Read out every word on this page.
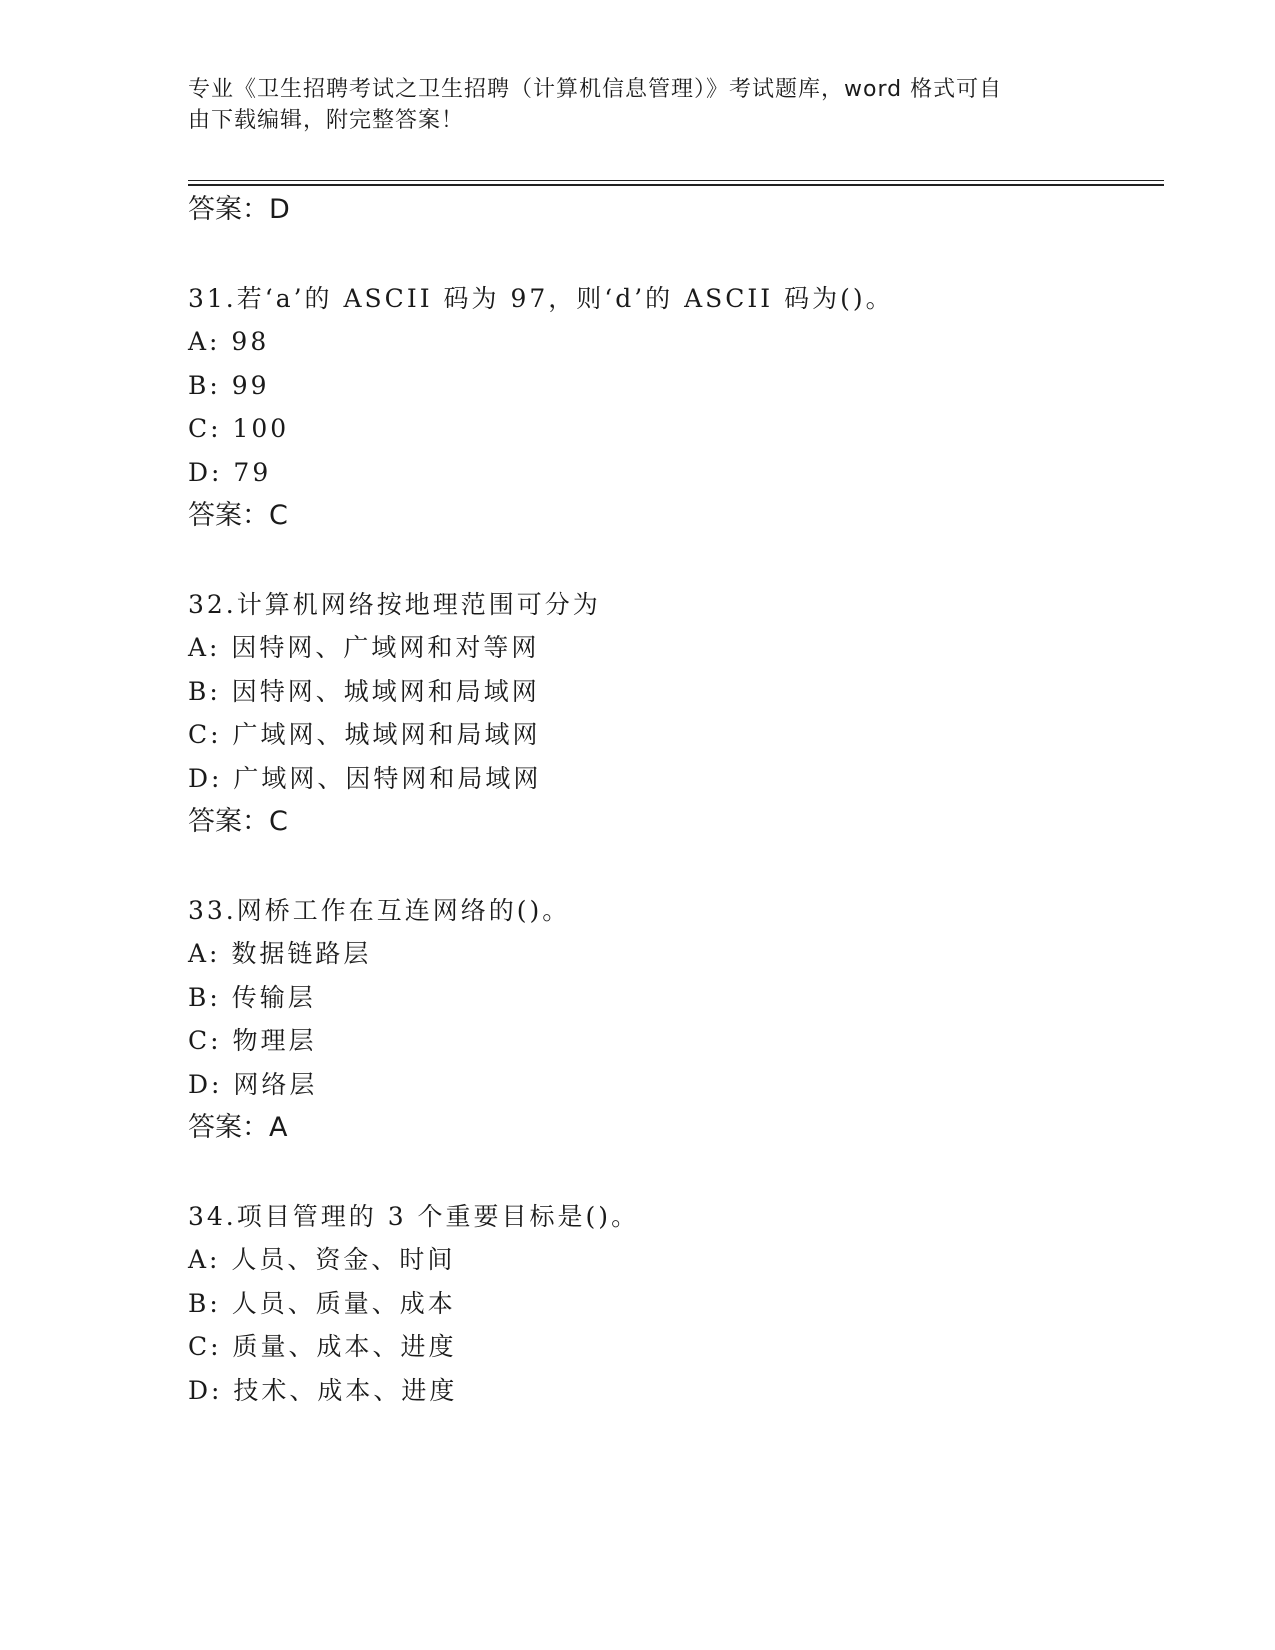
专业《卫生招聘考试之卫生招聘（计算机信息管理）》考试题库，word 格式可自
由下载编辑，附完整答案！
答案：D
31.若‘a’的 ASCII 码为 97，则‘d’的 ASCII 码为()。
A: 98
B: 99
C: 100
D: 79
答案：C
32.计算机网络按地理范围可分为
A: 因特网、广域网和对等网
B: 因特网、城域网和局域网
C: 广域网、城域网和局域网
D: 广域网、因特网和局域网
答案：C
33.网桥工作在互连网络的()。
A: 数据链路层
B: 传输层
C: 物理层
D: 网络层
答案：A
34.项目管理的 3 个重要目标是()。
A: 人员、资金、时间
B: 人员、质量、成本
C: 质量、成本、进度
D: 技术、成本、进度
